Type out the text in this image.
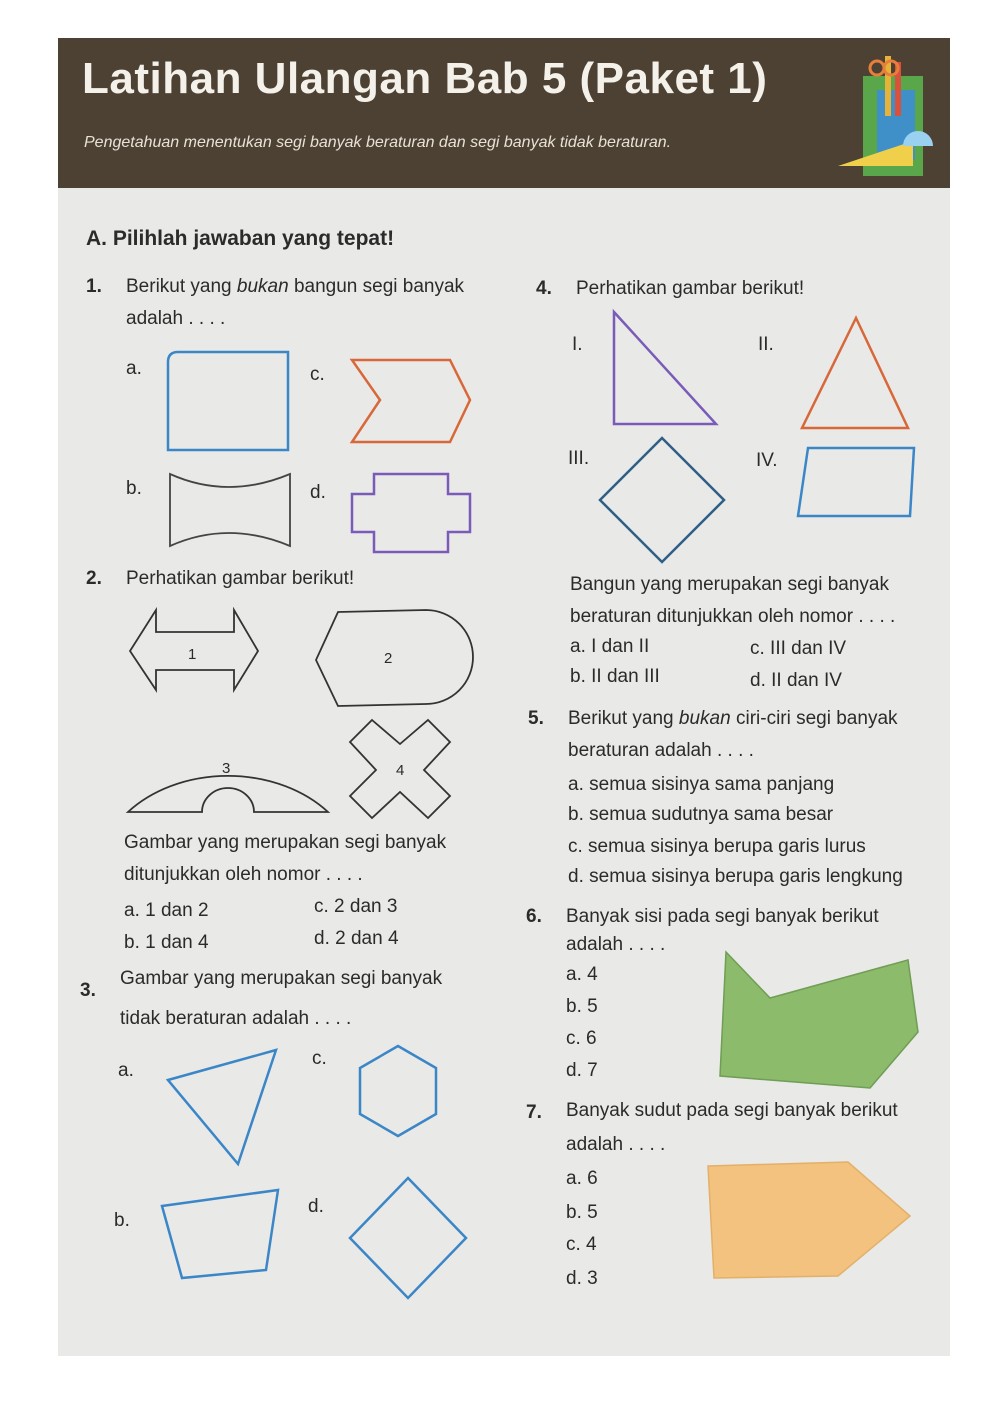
Latihan Ulangan Bab 5 (Paket 1)
Pengetahuan menentukan segi banyak beraturan dan segi banyak tidak beraturan.
A. Pilihlah jawaban yang tepat!
1. Berikut yang bukan bangun segi banyak
adalah . . . .
a.	c.
b.	d.
2. Perhatikan gambar berikut!
1	2
3	4
Gambar yang merupakan segi banyak
ditunjukkan oleh nomor . . . .
a. 1 dan 2	c. 2 dan 3
b. 1 dan 4	d. 2 dan 4
3.
Gambar yang merupakan segi banyak
tidak beraturan adalah . . . .
a.
c.
b.
d.
4. Perhatikan gambar berikut!
I.	II.
III.	IV.
Bangun yang merupakan segi banyak
beraturan ditunjukkan oleh nomor . . . .
a. I dan II	c. III dan IV
b. II dan III	d. II dan IV
5. Berikut yang bukan ciri-ciri segi banyak
beraturan adalah . . . .
a. semua sisinya sama panjang
b. semua sudutnya sama besar
c. semua sisinya berupa garis lurus
d. semua sisinya berupa garis lengkung
6. Banyak sisi pada segi banyak berikut
adalah . . . .
a. 4
b. 5
c. 6
d. 7
7. Banyak sudut pada segi banyak berikut
adalah . . . .
a. 6
b. 5
c. 4
d. 3
